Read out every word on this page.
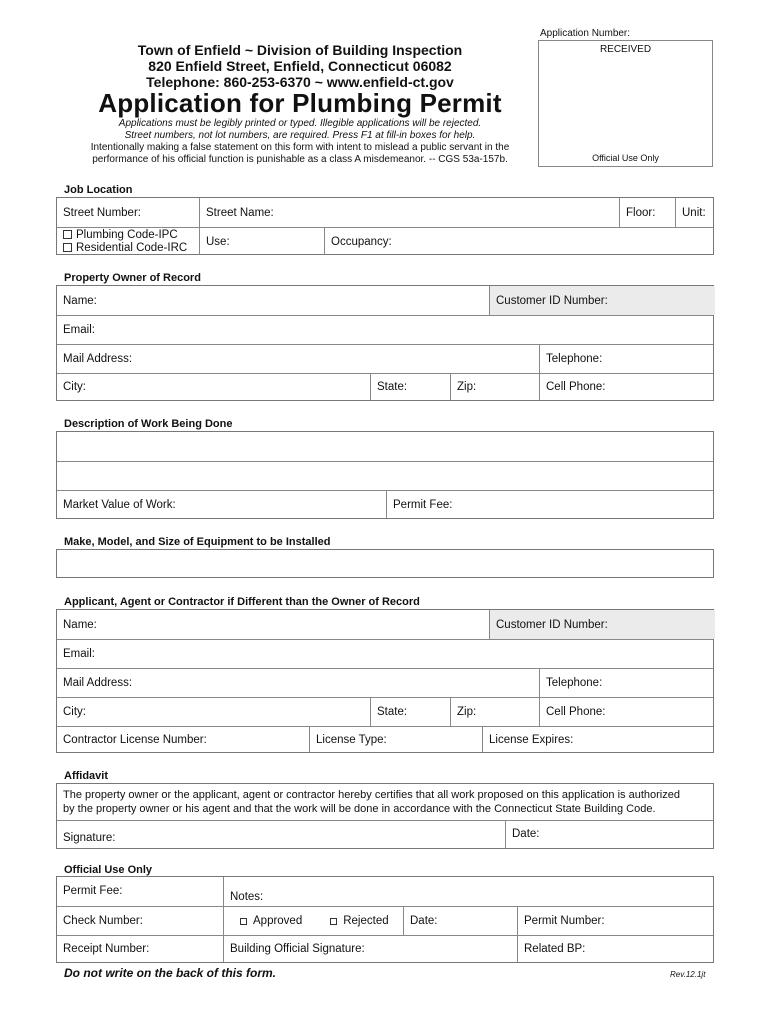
Town of Enfield ~ Division of Building Inspection
820 Enfield Street, Enfield, Connecticut 06082
Telephone: 860-253-6370 ~ www.enfield-ct.gov
Application for Plumbing Permit
Applications must be legibly printed or typed. Illegible applications will be rejected.
Street numbers, not lot numbers, are required. Press F1 at fill-in boxes for help.
Intentionally making a false statement on this form with intent to mislead a public servant in the
performance of his official function is punishable as a class A misdemeanor. -- CGS 53a-157b.
Application Number:
RECEIVED
Official Use Only
Job Location
Street Number:	Street Name:	Floor: Unit:
Plumbing Code-IPC
Residential Code-IRC Use:	Occupancy:
Property Owner of Record
Name:	Customer ID Number:
Email:
Mail Address:	Telephone:
City:	State:	Zip:	Cell Phone:
Description of Work Being Done
Market Value of Work:	Permit Fee:
Make, Model, and Size of Equipment to be Installed
Applicant, Agent or Contractor if Different than the Owner of Record
Name:	Customer ID Number:
Email:
Mail Address:	Telephone:
City:	State:	Zip:	Cell Phone:
Contractor License Number:	License Type:	License Expires:
Affidavit
The property owner or the applicant, agent or contractor hereby certifies that all work proposed on this application is authorized
by the property owner or his agent and that the work will be done in accordance with the Connecticut State Building Code.
Signature:	Date:
Official Use Only
Permit Fee:	Notes:
Check Number:	Approved	Rejected Date:	Permit Number:
Receipt Number:	Building Official Signature:	Related BP:
Do not write on the back of this form.	Rev.12.1jt
